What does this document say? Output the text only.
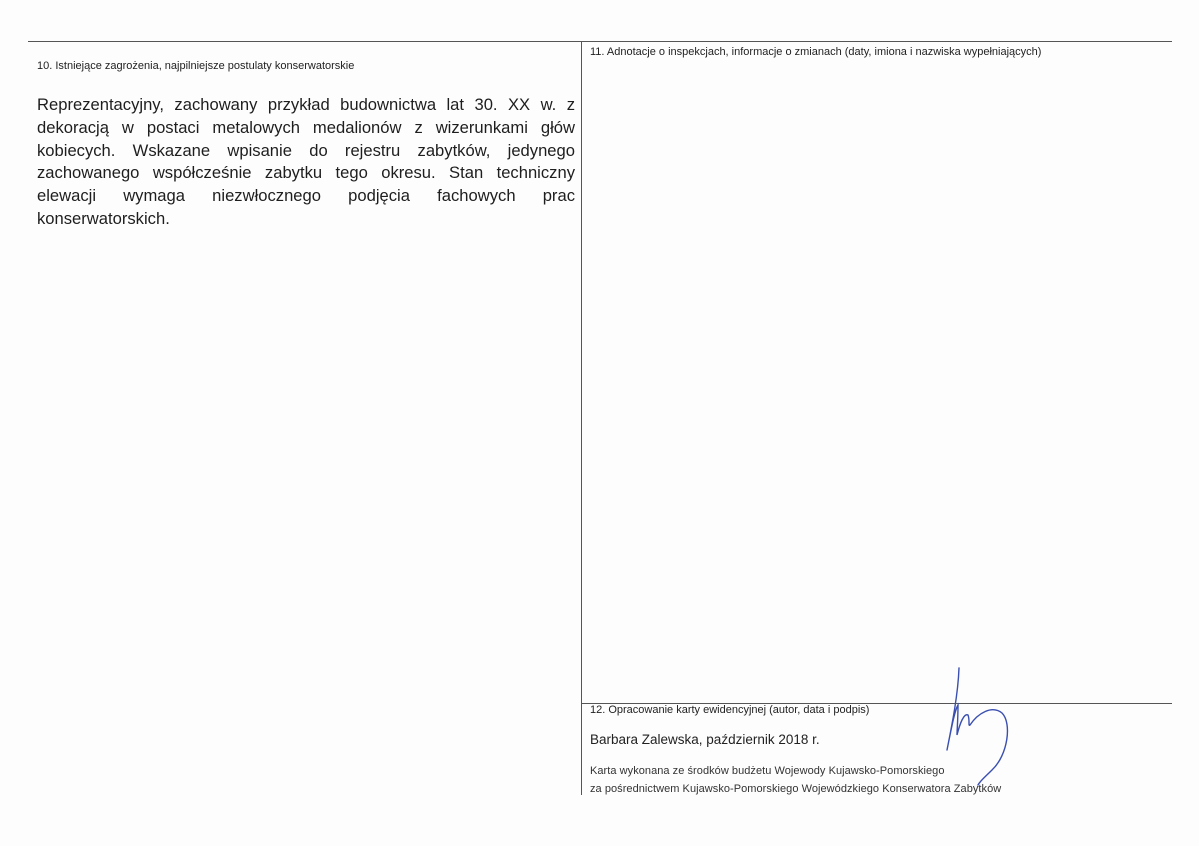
10. Istniejące zagrożenia, najpilniejsze postulaty konserwatorskie
Reprezentacyjny, zachowany przykład budownictwa lat 30. XX w. z dekoracją w postaci metalowych medalionów z wizerunkami głów kobiecych. Wskazane wpisanie do rejestru zabytków, jedynego zachowanego współcześnie zabytku tego okresu. Stan techniczny elewacji wymaga niezwłocznego podjęcia fachowych prac konserwatorskich.
11. Adnotacje o inspekcjach, informacje o zmianach (daty, imiona i nazwiska wypełniających)
12. Opracowanie karty ewidencyjnej (autor, data i podpis)
Barbara Zalewska, październik 2018 r.
Karta wykonana ze środków budżetu Wojewody Kujawsko-Pomorskiego
za pośrednictwem Kujawsko-Pomorskiego Wojewódzkiego Konserwatora Zabytków
